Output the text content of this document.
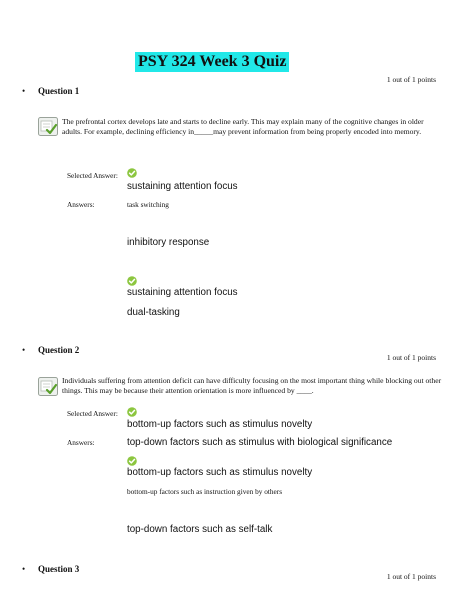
PSY 324 Week 3 Quiz
1 out of 1 points
• Question 1
The prefrontal cortex develops late and starts to decline early. This may explain many of the cognitive changes in older adults. For example, declining efficiency in_____may prevent information from being properly encoded into memory.
Selected Answer:
sustaining attention focus
Answers:	task switching
inhibitory response
sustaining attention focus
dual-tasking
• Question 2
1 out of 1 points
Individuals suffering from attention deficit can have difficulty focusing on the most important thing while blocking out other things. This may be because their attention orientation is more influenced by ____.
Selected Answer:
bottom-up factors such as stimulus novelty
Answers:	top-down factors such as stimulus with biological significance
bottom-up factors such as stimulus novelty
bottom-up factors such as instruction given by others
top-down factors such as self-talk
• Question 3
1 out of 1 points
